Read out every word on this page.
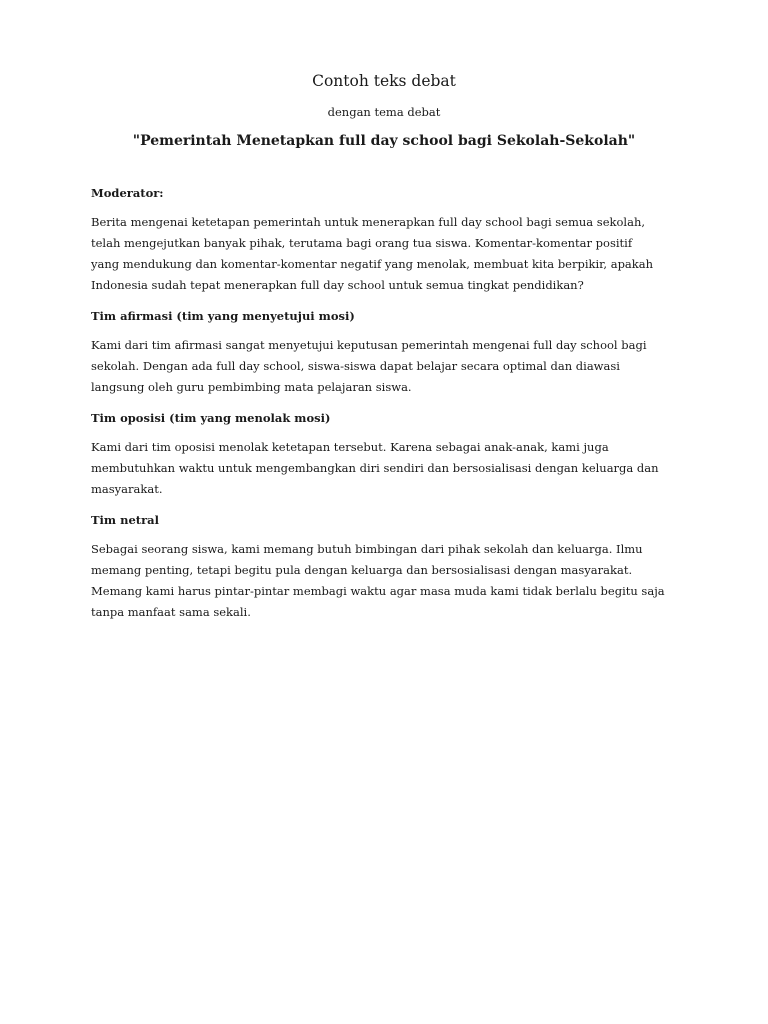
Contoh teks debat
dengan tema debat
"Pemerintah Menetapkan full day school bagi Sekolah-Sekolah"

Moderator:

Berita mengenai ketetapan pemerintah untuk menerapkan full day school bagi semua sekolah,
telah mengejutkan banyak pihak, terutama bagi orang tua siswa. Komentar-komentar positif
yang mendukung dan komentar-komentar negatif yang menolak, membuat kita berpikir, apakah
Indonesia sudah tepat menerapkan full day school untuk semua tingkat pendidikan?

Tim afirmasi (tim yang menyetujui mosi)

Kami dari tim afirmasi sangat menyetujui keputusan pemerintah mengenai full day school bagi
sekolah. Dengan ada full day school, siswa-siswa dapat belajar secara optimal dan diawasi
langsung oleh guru pembimbing mata pelajaran siswa.

Tim oposisi (tim yang menolak mosi)

Kami dari tim oposisi menolak ketetapan tersebut. Karena sebagai anak-anak, kami juga
membutuhkan waktu untuk mengembangkan diri sendiri dan bersosialisasi dengan keluarga dan
masyarakat.

Tim netral

Sebagai seorang siswa, kami memang butuh bimbingan dari pihak sekolah dan keluarga. Ilmu
memang penting, tetapi begitu pula dengan keluarga dan bersosialisasi dengan masyarakat.
Memang kami harus pintar-pintar membagi waktu agar masa muda kami tidak berlalu begitu saja
tanpa manfaat sama sekali.
